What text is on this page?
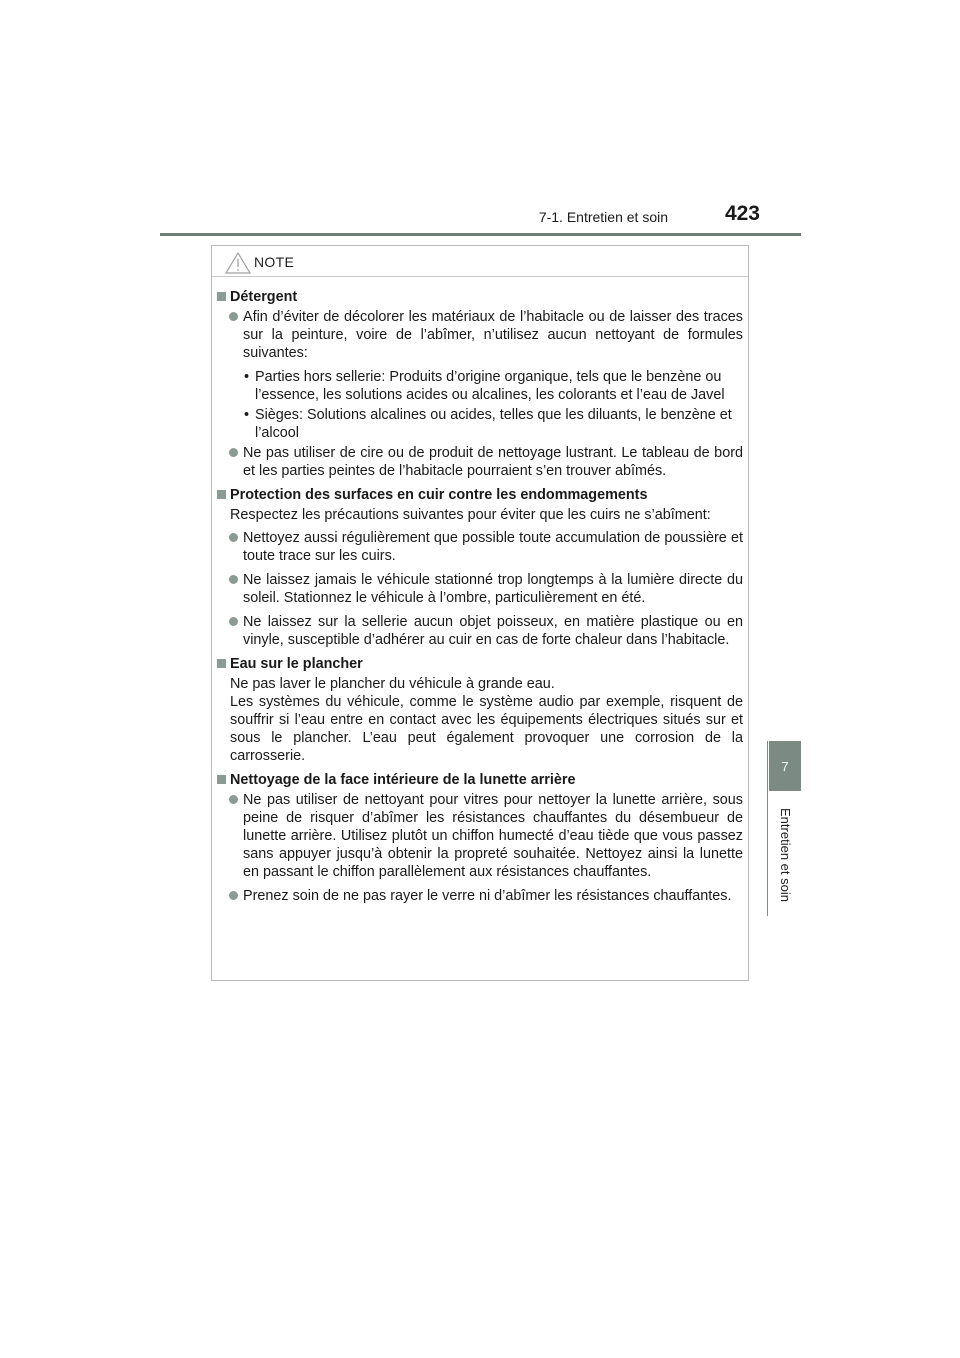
7-1. Entretien et soin	423
7
Entretien et soin
NOTE
Détergent
Afin d’éviter de décolorer les matériaux de l’habitacle ou de laisser des traces sur la peinture, voire de l’abîmer, n’utilisez aucun nettoyant de formules suivantes:
• Parties hors sellerie: Produits d’origine organique, tels que le benzène ou l’essence, les solutions acides ou alcalines, les colorants et l’eau de Javel
• Sièges: Solutions alcalines ou acides, telles que les diluants, le benzène et l’alcool
Ne pas utiliser de cire ou de produit de nettoyage lustrant. Le tableau de bord et les parties peintes de l’habitacle pourraient s’en trouver abîmés.
Protection des surfaces en cuir contre les endommagements
Respectez les précautions suivantes pour éviter que les cuirs ne s’abîment:
Nettoyez aussi régulièrement que possible toute accumulation de poussière et toute trace sur les cuirs.
Ne laissez jamais le véhicule stationné trop longtemps à la lumière directe du soleil. Stationnez le véhicule à l’ombre, particulièrement en été.
Ne laissez sur la sellerie aucun objet poisseux, en matière plastique ou en vinyle, susceptible d’adhérer au cuir en cas de forte chaleur dans l’habitacle.
Eau sur le plancher
Ne pas laver le plancher du véhicule à grande eau.
Les systèmes du véhicule, comme le système audio par exemple, risquent de souffrir si l’eau entre en contact avec les équipements électriques situés sur et sous le plancher. L’eau peut également provoquer une corrosion de la carrosserie.
Nettoyage de la face intérieure de la lunette arrière
Ne pas utiliser de nettoyant pour vitres pour nettoyer la lunette arrière, sous peine de risquer d’abîmer les résistances chauffantes du désembueur de lunette arrière. Utilisez plutôt un chiffon humecté d’eau tiède que vous passez sans appuyer jusqu’à obtenir la propreté souhaitée. Nettoyez ainsi la lunette en passant le chiffon parallèlement aux résistances chauffantes.
Prenez soin de ne pas rayer le verre ni d’abîmer les résistances chauffantes.
